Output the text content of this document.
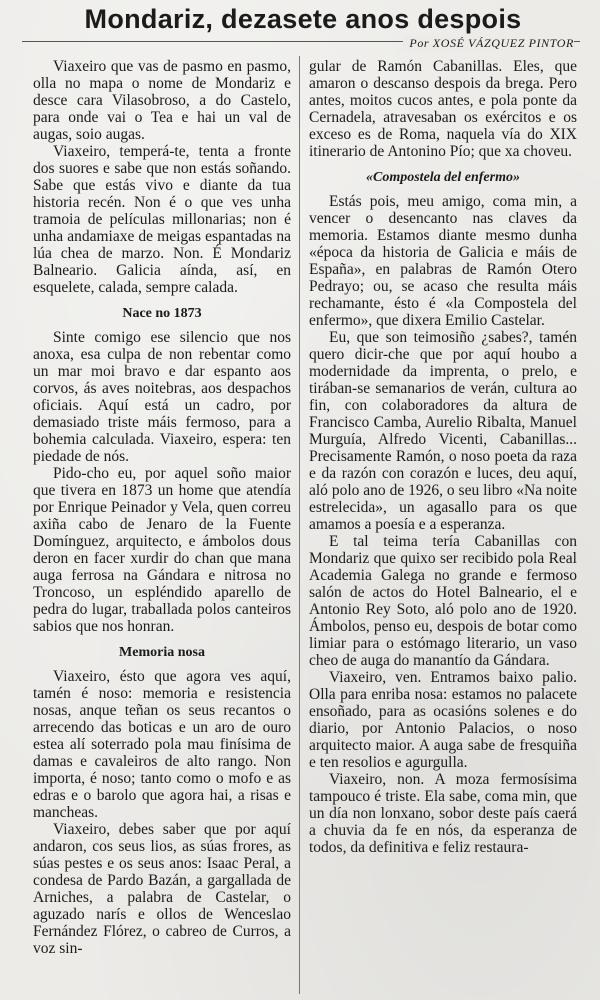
Mondariz, dezasete anos despois
Por XOSÉ VÁZQUEZ PINTOR

Viaxeiro que vas de pasmo en pasmo, olla no mapa o nome de Mondariz e desce cara Vilasobroso, a do Castelo, para onde vai o Tea e hai un val de augas, soio augas.

Viaxeiro, temperá-te, tenta a fronte dos suores e sabe que non estás soñando. Sabe que estás vivo e diante da tua historia recén. Non é o que ves unha tramoia de películas millonarias; non é unha andamiaxe de meigas espantadas na lúa chea de marzo. Non. É Mondariz Balneario. Galicia aínda, así, en esquelete, calada, sempre calada.

Nace no 1873

Sinte comigo ese silencio que nos anoxa, esa culpa de non rebentar como un mar moi bravo e dar espanto aos corvos, ás aves noitebras, aos despachos oficiais. Aquí está un cadro, por demasiado triste máis fermoso, para a bohemia calculada. Viaxeiro, espera: ten piedade de nós.

Pido-cho eu, por aquel soño maior que tivera en 1873 un home que atendía por Enrique Peinador y Vela, quen correu axiña cabo de Jenaro de la Fuente Domínguez, arquitecto, e ámbolos dous deron en facer xurdir do chan que mana auga ferrosa na Gándara e nitrosa no Troncoso, un espléndido aparello de pedra do lugar, traballada polos canteiros sabios que nos honran.

Memoria nosa

Viaxeiro, ésto que agora ves aquí, tamén é noso: memoria e resistencia nosas, anque teñan os seus recantos o arrecendo das boticas e un aro de ouro estea alí soterrado pola mau finísima de damas e cavaleiros de alto rango. Non importa, é noso; tanto como o mofo e as edras e o barolo que agora hai, a risas e mancheas.

Viaxeiro, debes saber que por aquí andaron, cos seus lios, as súas frores, as súas pestes e os seus anos: Isaac Peral, a condesa de Pardo Bazán, a gargallada de Arniches, a palabra de Castelar, o aguzado narís e ollos de Wenceslao Fernández Flórez, o cabreo de Curros, a voz sin-

gular de Ramón Cabanillas. Eles, que amaron o descanso despois da brega. Pero antes, moitos cucos antes, e pola ponte da Cernadela, atravesaban os exércitos e os exceso es de Roma, naquela vía do XIX itinerario de Antonino Pío; que xa choveu.

«Compostela del enfermo»

Estás pois, meu amigo, coma min, a vencer o desencanto nas claves da memoria. Estamos diante mesmo dunha «época da historia de Galicia e máis de España», en palabras de Ramón Otero Pedrayo; ou, se acaso che resulta máis rechamante, ésto é «la Compostela del enfermo», que dixera Emilio Castelar.

Eu, que son teimosiño ¿sabes?, tamén quero dicir-che que por aquí houbo a modernidade da imprenta, o prelo, e tirában-se semanarios de verán, cultura ao fin, con colaboradores da altura de Francisco Camba, Aurelio Ribalta, Manuel Murguía, Alfredo Vicenti, Cabanillas... Precisamente Ramón, o noso poeta da raza e da razón con corazón e luces, deu aquí, aló polo ano de 1926, o seu libro «Na noite estrelecida», un agasallo para os que amamos a poesía e a esperanza.

E tal teima tería Cabanillas con Mondariz que quixo ser recibido pola Real Academia Galega no grande e fermoso salón de actos do Hotel Balneario, el e Antonio Rey Soto, aló polo ano de 1920. Ámbolos, penso eu, despois de botar como limiar para o estómago literario, un vaso cheo de auga do manantío da Gándara.

Viaxeiro, ven. Entramos baixo palio. Olla para enriba nosa: estamos no palacete ensoñado, para as ocasións solenes e do diario, por Antonio Palacios, o noso arquitecto maior. A auga sabe de fresquiña e ten resolios e agurgulla.

Viaxeiro, non. A moza fermosísima tampouco é triste. Ela sabe, coma min, que un día non lonxano, sobor deste país caerá a chuvia da fe en nós, da esperanza de todos, da definitiva e feliz restaura-
